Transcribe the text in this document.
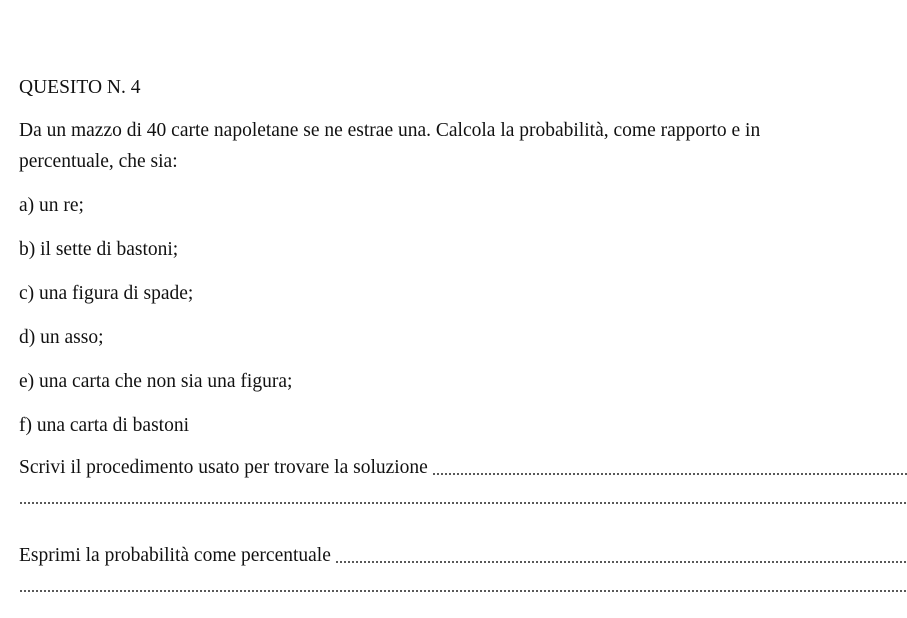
QUESITO N. 4
Da un mazzo di 40 carte napoletane se ne estrae una. Calcola la probabilità, come rapporto e in
percentuale, che sia:
a) un re;
b) il sette di bastoni;
c) una figura di spade;
d) un asso;
e) una carta che non sia una figura;
f) una carta di bastoni
Scrivi il procedimento usato per trovare la soluzione
Esprimi la probabilità come percentuale
